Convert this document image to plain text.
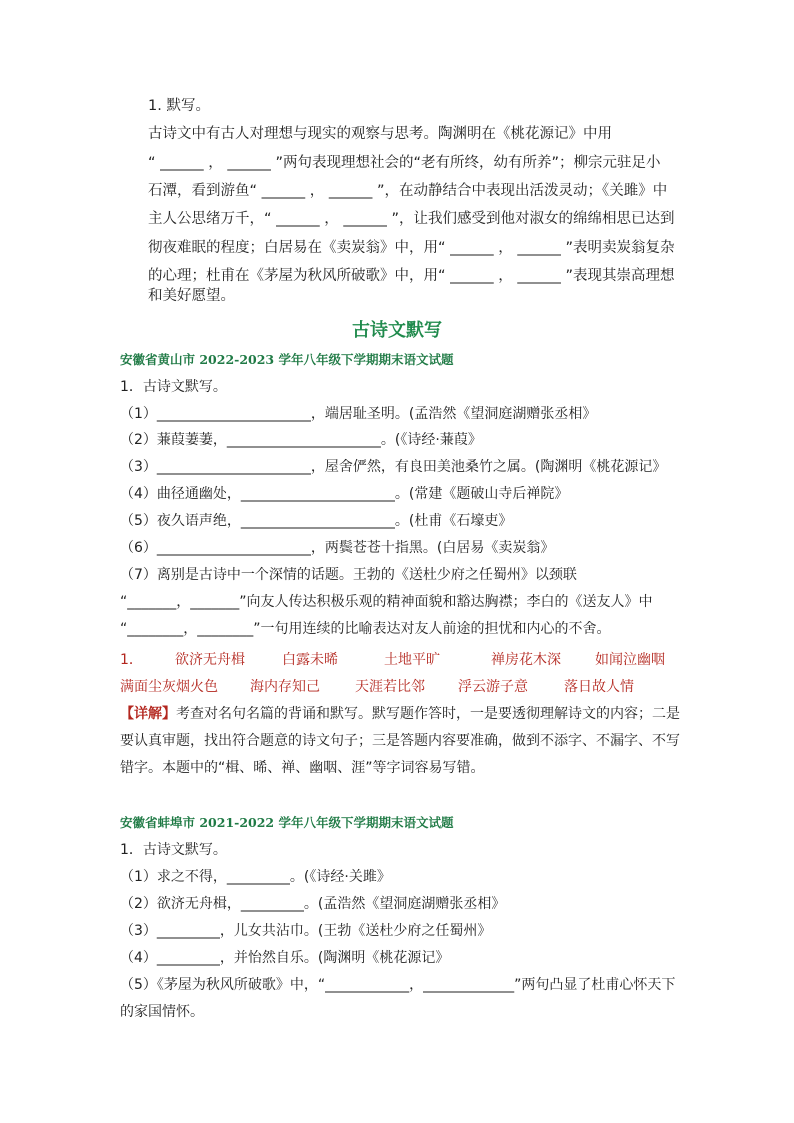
1. 默写。
古诗文中有古人对理想与现实的观察与思考。陶渊明在《桃花源记》中用
“ ______ ， ______ ”两句表现理想社会的“老有所终，幼有所养”；柳宗元驻足小
石潭，看到游鱼“ ______ ， ______ ”，在动静结合中表现出活泼灵动；《关雎》中
主人公思绪万千，“ ______ ， ______ ”，让我们感受到他对淑女的绵绵相思已达到
彻夜难眠的程度；白居易在《卖炭翁》中，用“ ______ ， ______ ”表明卖炭翁复杂
的心理；杜甫在《茅屋为秋风所破歌》中，用“ ______ ， ______ ”表现其崇高理想
和美好愿望。
古诗文默写
安徽省黄山市 2022-2023 学年八年级下学期期末语文试题
1．古诗文默写。
（1）______________________，端居耻圣明。(孟浩然《望洞庭湖赠张丞相》
（2）蒹葭萋萋，______________________。(《诗经·蒹葭》
（3）______________________，屋舍俨然，有良田美池桑竹之属。(陶渊明《桃花源记》
（4）曲径通幽处，______________________。(常建《题破山寺后禅院》
（5）夜久语声绝，______________________。(杜甫《石壕吏》
（6）______________________，两鬓苍苍十指黑。(白居易《卖炭翁》
（7）离别是古诗中一个深情的话题。王勃的《送杜少府之任蜀州》以颈联
“_______，_______”向友人传达积极乐观的精神面貌和豁达胸襟；李白的《送友人》中
“________，________”一句用连续的比喻表达对友人前途的担忧和内心的不舍。
1． 欲济无舟楫	白露未晞	土地平旷	禅房花木深 如闻泣幽咽
满面尘灰烟火色 海内存知己	天涯若比邻 浮云游子意	落日故人情
【详解】考查对名句名篇的背诵和默写。默写题作答时，一是要透彻理解诗文的内容；二是
要认真审题，找出符合题意的诗文句子；三是答题内容要准确，做到不添字、不漏字、不写
错字。本题中的“楫、晞、禅、幽咽、涯”等字词容易写错。
安徽省蚌埠市 2021-2022 学年八年级下学期期末语文试题
1．古诗文默写。
（1）求之不得，_________。(《诗经·关雎》
（2）欲济无舟楫，_________。(孟浩然《望洞庭湖赠张丞相》
（3）_________，儿女共沾巾。(王勃《送杜少府之任蜀州》
（4）_________，并怡然自乐。(陶渊明《桃花源记》
（5）《茅屋为秋风所破歌》中，“____________，_____________”两句凸显了杜甫心怀天下
的家国情怀。
